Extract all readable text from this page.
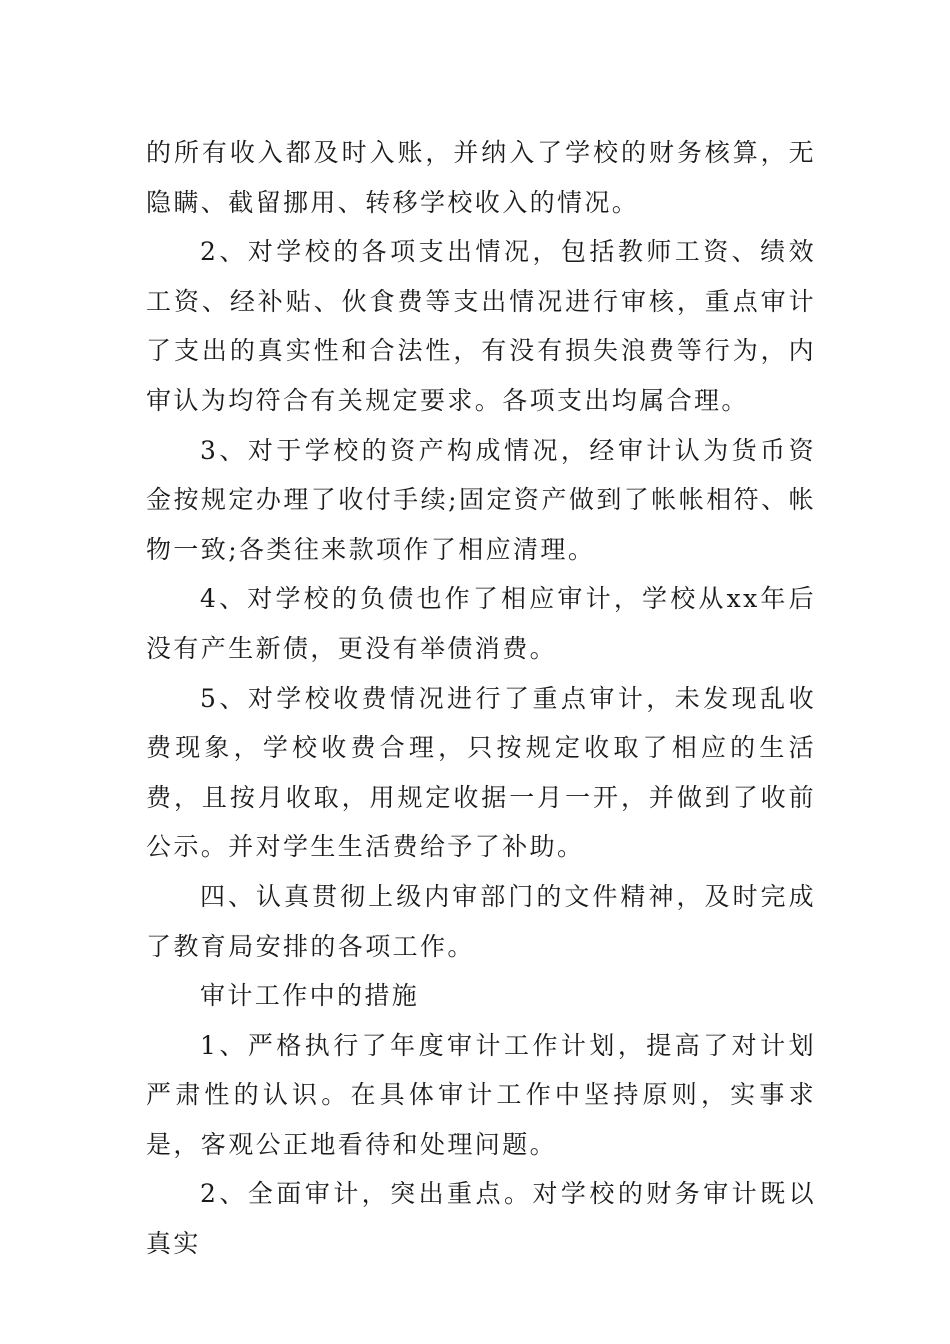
的所有收入都及时入账，并纳入了学校的财务核算，无隐瞒、截留挪用、转移学校收入的情况。

2、对学校的各项支出情况，包括教师工资、绩效工资、经补贴、伙食费等支出情况进行审核，重点审计了支出的真实性和合法性，有没有损失浪费等行为，内审认为均符合有关规定要求。各项支出均属合理。

3、对于学校的资产构成情况，经审计认为货币资金按规定办理了收付手续;固定资产做到了帐帐相符、帐物一致;各类往来款项作了相应清理。

4、对学校的负债也作了相应审计，学校从xx年后没有产生新债，更没有举债消费。

5、对学校收费情况进行了重点审计，未发现乱收费现象，学校收费合理，只按规定收取了相应的生活费，且按月收取，用规定收据一月一开，并做到了收前公示。并对学生生活费给予了补助。

四、认真贯彻上级内审部门的文件精神，及时完成了教育局安排的各项工作。

审计工作中的措施

1、严格执行了年度审计工作计划，提高了对计划严肃性的认识。在具体审计工作中坚持原则，实事求是，客观公正地看待和处理问题。

2、全面审计，突出重点。对学校的财务审计既以真实
